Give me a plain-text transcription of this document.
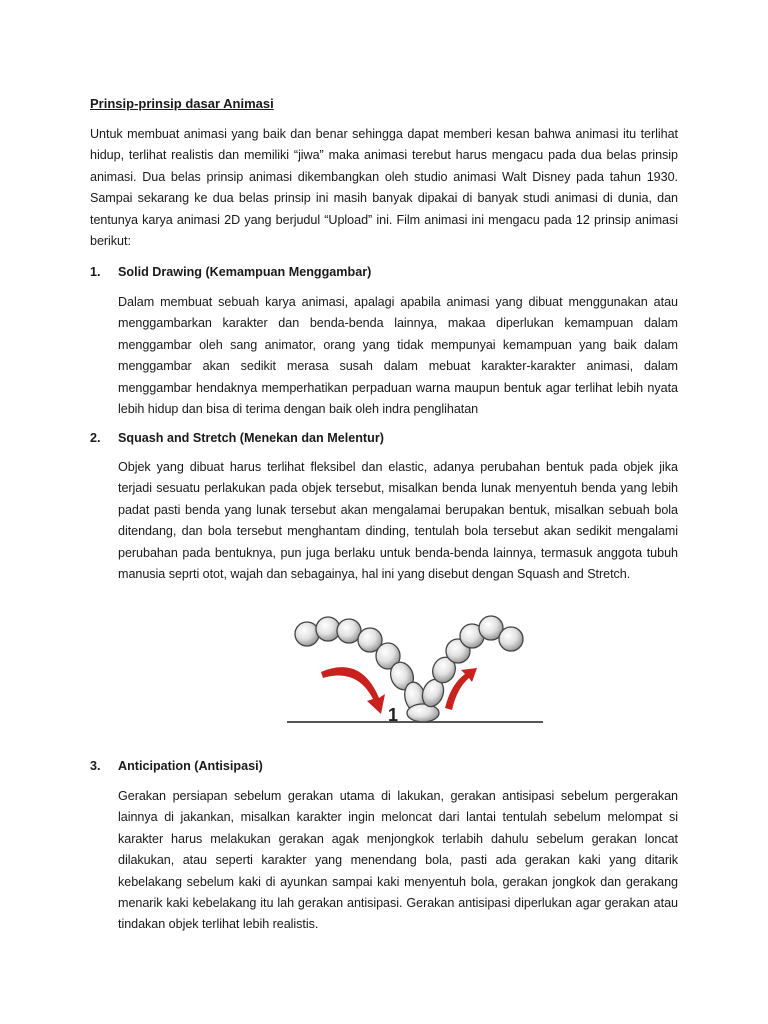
Prinsip-prinsip dasar Animasi

Untuk membuat animasi yang baik dan benar sehingga dapat memberi kesan bahwa animasi itu terlihat hidup, terlihat realistis dan memiliki “jiwa” maka animasi terebut harus mengacu pada dua belas prinsip animasi. Dua belas prinsip animasi dikembangkan oleh studio animasi Walt Disney pada tahun 1930. Sampai sekarang ke dua belas prinsip ini masih banyak dipakai di banyak studi animasi di dunia, dan tentunya karya animasi 2D yang berjudul “Upload” ini. Film animasi ini mengacu pada 12 prinsip animasi berikut:

1. Solid Drawing (Kemampuan Menggambar)

Dalam membuat sebuah karya animasi, apalagi apabila animasi yang dibuat menggunakan atau menggambarkan karakter dan benda-benda lainnya, makaa diperlukan kemampuan dalam menggambar oleh sang animator, orang yang tidak mempunyai kemampuan yang baik dalam menggambar akan sedikit merasa susah dalam mebuat karakter-karakter animasi, dalam menggambar hendaknya memperhatikan perpaduan warna maupun bentuk agar terlihat lebih nyata lebih hidup dan bisa di terima dengan baik oleh indra penglihatan

2. Squash and Stretch (Menekan dan Melentur)

Objek yang dibuat harus terlihat fleksibel dan elastic, adanya perubahan bentuk pada objek jika terjadi sesuatu perlakukan pada objek tersebut, misalkan benda lunak menyentuh benda yang lebih padat pasti benda yang lunak tersebut akan mengalamai berupakan bentuk, misalkan sebuah bola ditendang, dan bola tersebut menghantam dinding, tentulah bola tersebut akan sedikit mengalami perubahan pada bentuknya, pun juga berlaku untuk benda-benda lainnya, termasuk anggota tubuh manusia seprti otot, wajah dan sebagainya, hal ini yang disebut dengan Squash and Stretch.

1
3. Anticipation (Antisipasi)

Gerakan persiapan sebelum gerakan utama di lakukan, gerakan antisipasi sebelum pergerakan lainnya di jakankan, misalkan karakter ingin meloncat dari lantai tentulah sebelum melompat si karakter harus melakukan gerakan agak menjongkok terlabih dahulu sebelum gerakan loncat dilakukan, atau seperti karakter yang menendang bola, pasti ada gerakan kaki yang ditarik kebelakang sebelum kaki di ayunkan sampai kaki menyentuh bola, gerakan jongkok dan gerakang menarik kaki kebelakang itu lah gerakan antisipasi. Gerakan antisipasi diperlukan agar gerakan atau tindakan objek terlihat lebih realistis.
